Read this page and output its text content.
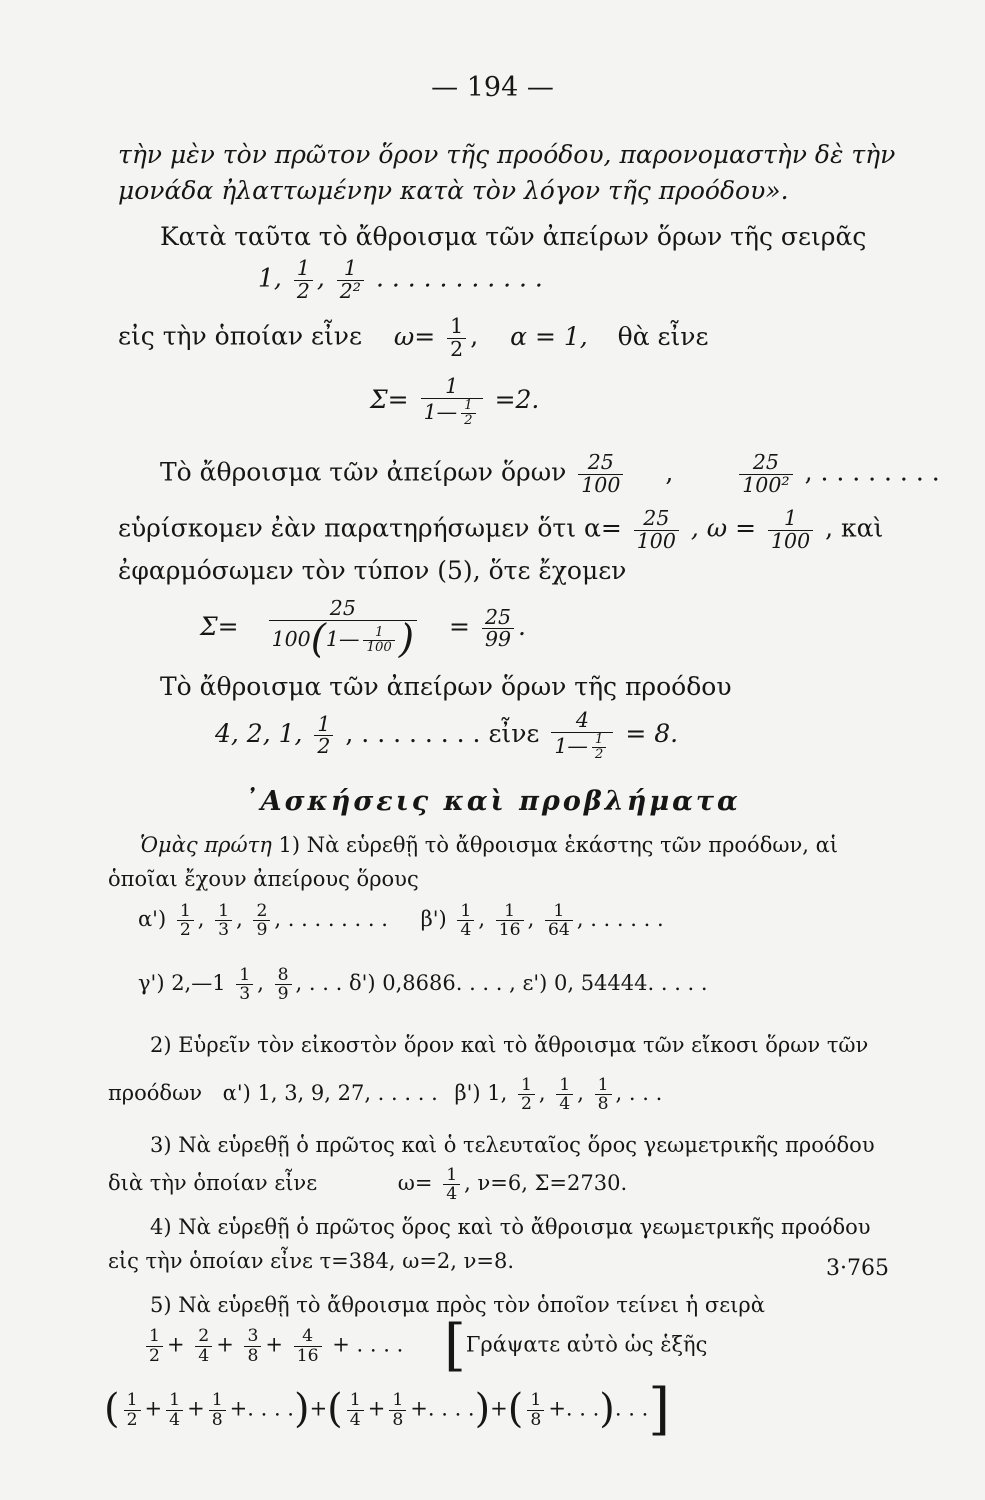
— 194 —
τὴν μὲν τὸν πρῶτον ὅρον τῆς προόδου, παρονομαστὴν δὲ τὴν
μονάδα ἠλαττωμένην κατὰ τὸν λόγον τῆς προόδου».
Κατὰ ταῦτα τὸ ἄθροισμα τῶν ἀπείρων ὅρων τῆς σειρᾶς
1, $\frac{1}{2}$ , $\frac{1}{\text{2²}}$ . . . . . . . . . . .
εἰς τὴν ὁποίαν εἶνε $\omega= \frac{1}{2}$ , α = 1, θὰ εἶνε
$\Sigma= \frac{1}{1— \frac{1}{2}} =2$.
Τὸ ἄθροισμα τῶν ἀπείρων ὅρων $\frac{25}{100}$ ,	$\frac{25}{\text{100²}}$ , . . . . . . . .
εὑρίσκομεν ἐὰν παρατηρήσωμεν ὅτι $\alpha= \frac{25}{100}$ , $\omega = \frac{1}{100}$ , καὶ
ἐφαρμόσωμεν τὸν τύπον (5), ὅτε ἔχομεν
$\Sigma= \frac{25}{100(1— \frac{1}{100} )} = \frac{25}{99}$ .
Τὸ ἄθροισμα τῶν ἀπείρων ὅρων τῆς προόδου
4, 2, 1, $\frac{1}{2}$ , . . . . . . . . εἶνε $\frac{4}{1— \frac{1}{2}} = 8$.
᾿Ασκήσεις καὶ προβλήματα
Ὁμὰς πρώτη 1) Νὰ εὑρεθῇ τὸ ἄθροισμα ἑκάστης τῶν προόδων, αἱ
ὁποῖαι ἔχουν ἀπείρους ὅρους
$\alpha') \frac{1}{2}$ , $\frac{1}{3}$ , $\frac{2}{9}$ , . . . . . . . . $\beta') \frac{1}{4}$ , $\frac{1}{16}$ , $\frac{1}{64}$ , . . . . . .
γ') 2,—1 $\frac{1}{3}$ , $\frac{8}{9}$ , . . . δ') 0,8686. . . . , ε') 0, 54444. . . . .
2) Εὑρεῖν τὸν εἰκοστὸν ὅρον καὶ τὸ ἄθροισμα τῶν εἴκοσι ὅρων τῶν
προόδων α') 1, 3, 9, 27, . . . . . β') 1, $\frac{1}{2}$ , $\frac{1}{4}$ , $\frac{1}{8}$ , . . .
3) Νὰ εὑρεθῇ ὁ πρῶτος καὶ ὁ τελευταῖος ὅρος γεωμετρικῆς προόδου
διὰ τὴν ὁποίαν εἶνε	$\omega= \frac{1}{4}$ , ν=6, Σ=2730.
4) Νὰ εὑρεθῇ ὁ πρῶτος ὅρος καὶ τὸ ἄθροισμα γεωμετρικῆς προόδου
εἰς τὴν ὁποίαν εἶνε τ=384, ω=2, ν=8.	3·765
5) Νὰ εὑρεθῇ τὸ ἄθροισμα πρὸς τὸν ὁποῖον τείνει ἡ σειρὰ
$\frac{1}{2} + \frac{2}{4} + \frac{3}{8} + \frac{4}{16}$ + . . . . [Γράψατε αὐτὸ ὡς ἑξῆς
( $\frac{1}{2} + \frac{1}{4} + \frac{1}{8}$ +. . . .)+( $\frac{1}{4} + \frac{1}{8}$ +. . . .)+( $\frac{1}{8}$ +. . .). . .]
